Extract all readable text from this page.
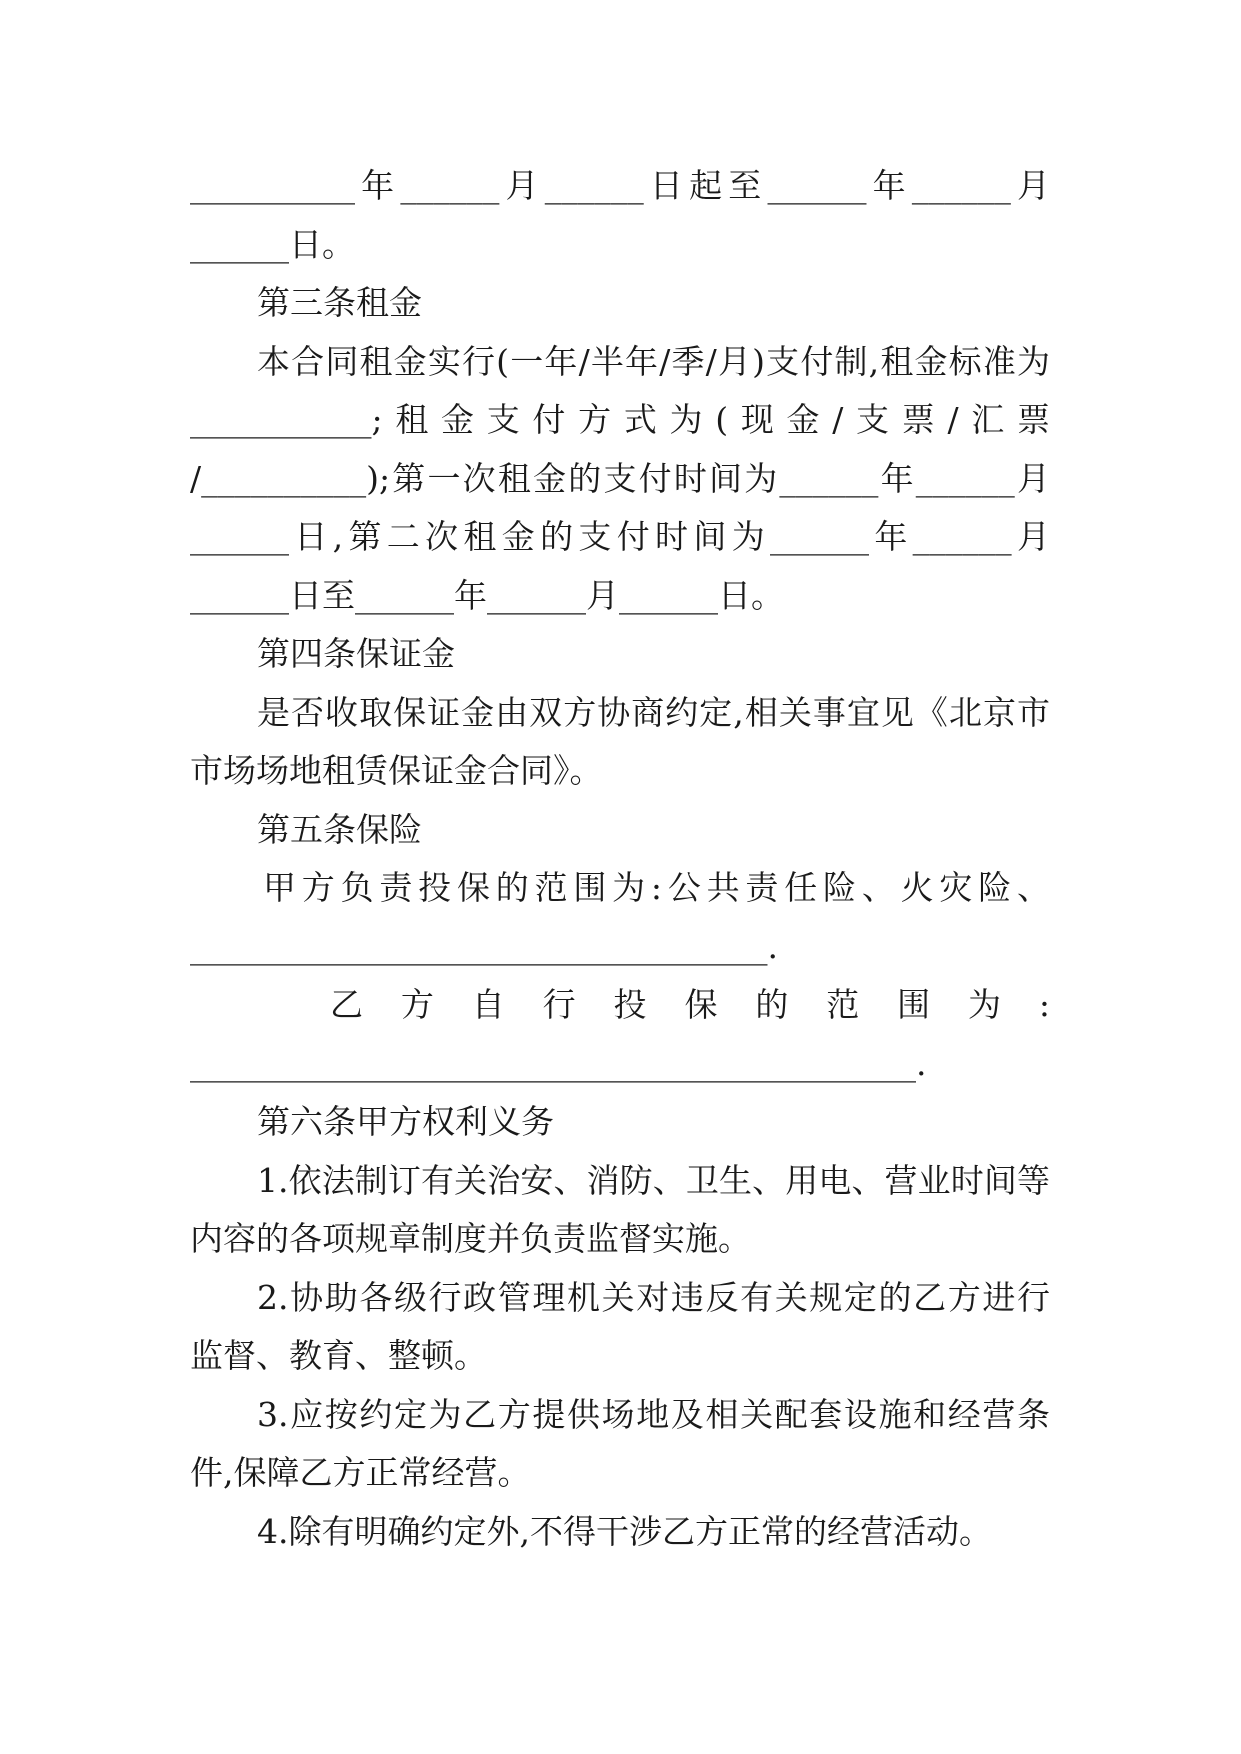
__________年______月______日起至______年______月
______日。
第三条租金
本合同租金实行(一年/半年/季/月)支付制,租金标准为
___________;租金支付方式为(现金/支票/汇票
/__________);第一次租金的支付时间为______年______月
______日,第二次租金的支付时间为______年______月
______日至______年______月______日。
第四条保证金
是否收取保证金由双方协商约定,相关事宜见《北京市
市场场地租赁保证金合同》。
第五条保险
甲方负责投保的范围为:公共责任险、火灾险、
___________________________________.
乙方自行投保的范围为:
____________________________________________.
第六条甲方权利义务
1.依法制订有关治安、消防、卫生、用电、营业时间等
内容的各项规章制度并负责监督实施。
2.协助各级行政管理机关对违反有关规定的乙方进行
监督、教育、整顿。
3.应按约定为乙方提供场地及相关配套设施和经营条
件,保障乙方正常经营。
4.除有明确约定外,不得干涉乙方正常的经营活动。
